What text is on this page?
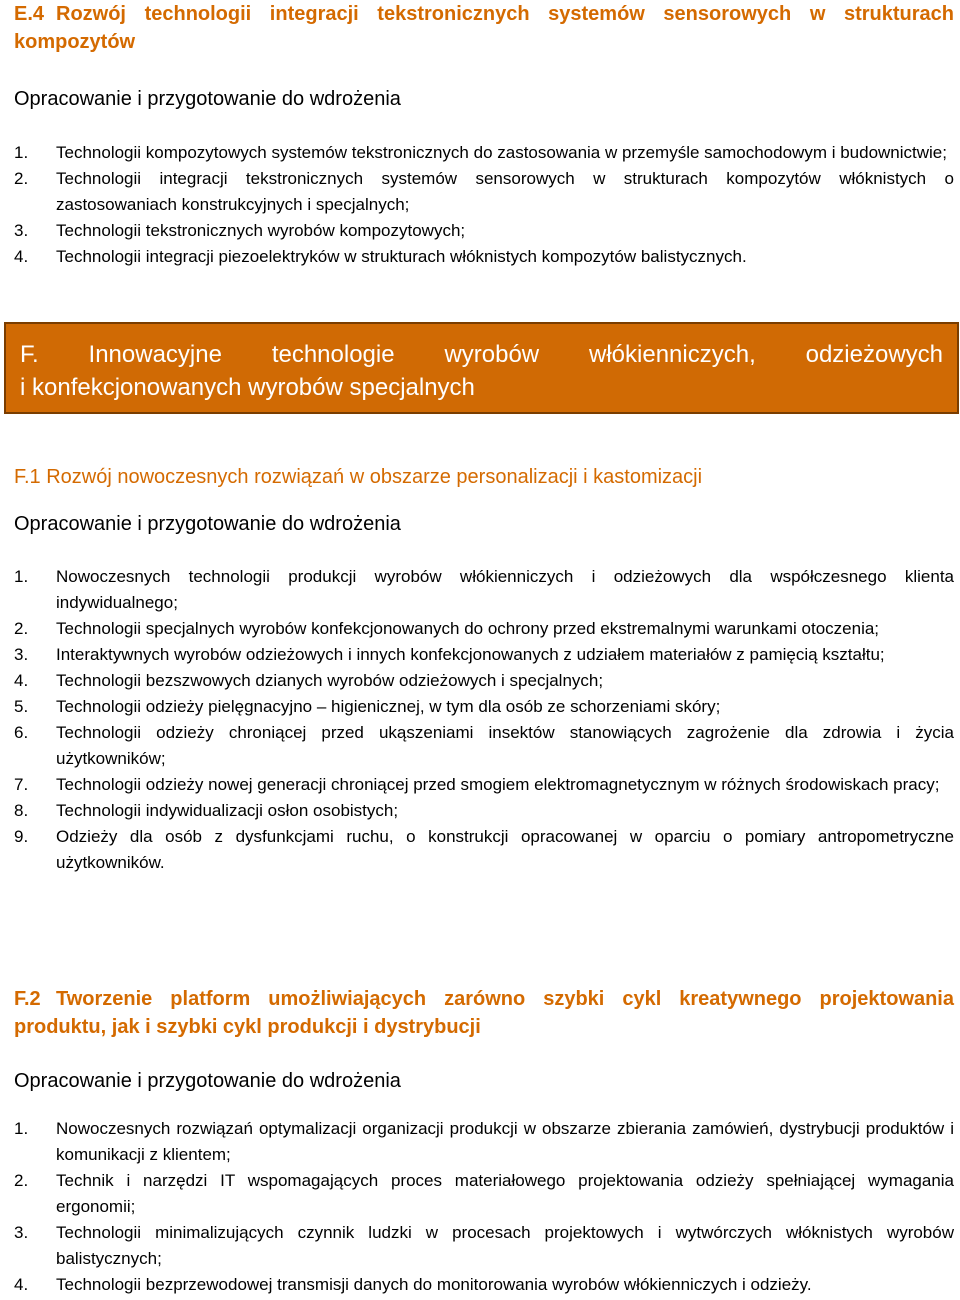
E.4 Rozwój technologii integracji tekstronicznych systemów sensorowych w strukturach kompozytów
Opracowanie i przygotowanie do wdrożenia
1. Technologii kompozytowych systemów tekstronicznych do zastosowania w przemyśle samochodowym i budownictwie;
2. Technologii integracji tekstronicznych systemów sensorowych w strukturach kompozytów włóknistych o zastosowaniach konstrukcyjnych i specjalnych;
3. Technologii tekstronicznych wyrobów kompozytowych;
4. Technologii integracji piezoelektryków w strukturach włóknistych kompozytów balistycznych.
F. Innowacyjne technologie wyrobów włókienniczych, odzieżowych
i konfekcjonowanych wyrobów specjalnych
F.1 Rozwój nowoczesnych rozwiązań w obszarze personalizacji i kastomizacji
Opracowanie i przygotowanie do wdrożenia
1. Nowoczesnych technologii produkcji wyrobów włókienniczych i odzieżowych dla współczesnego klienta indywidualnego;
2. Technologii specjalnych wyrobów konfekcjonowanych do ochrony przed ekstremalnymi warunkami otoczenia;
3. Interaktywnych wyrobów odzieżowych i innych konfekcjonowanych z udziałem materiałów z pamięcią kształtu;
4. Technologii bezszwowych dzianych wyrobów odzieżowych i specjalnych;
5. Technologii odzieży pielęgnacyjno – higienicznej, w tym dla osób ze schorzeniami skóry;
6. Technologii odzieży chroniącej przed ukąszeniami insektów stanowiących zagrożenie dla zdrowia i życia użytkowników;
7. Technologii odzieży nowej generacji chroniącej przed smogiem elektromagnetycznym w różnych środowiskach pracy;
8. Technologii indywidualizacji osłon osobistych;
9. Odzieży dla osób z dysfunkcjami ruchu, o konstrukcji opracowanej w oparciu o pomiary antropometryczne użytkowników.
F.2 Tworzenie platform umożliwiających zarówno szybki cykl kreatywnego projektowania produktu, jak i szybki cykl produkcji i dystrybucji
Opracowanie i przygotowanie do wdrożenia
1. Nowoczesnych rozwiązań optymalizacji organizacji produkcji w obszarze zbierania zamówień, dystrybucji produktów i komunikacji z klientem;
2. Technik i narzędzi IT wspomagających proces materiałowego projektowania odzieży spełniającej wymagania ergonomii;
3. Technologii minimalizujących czynnik ludzki w procesach projektowych i wytwórczych włóknistych wyrobów balistycznych;
4. Technologii bezprzewodowej transmisji danych do monitorowania wyrobów włókienniczych i odzieży.
